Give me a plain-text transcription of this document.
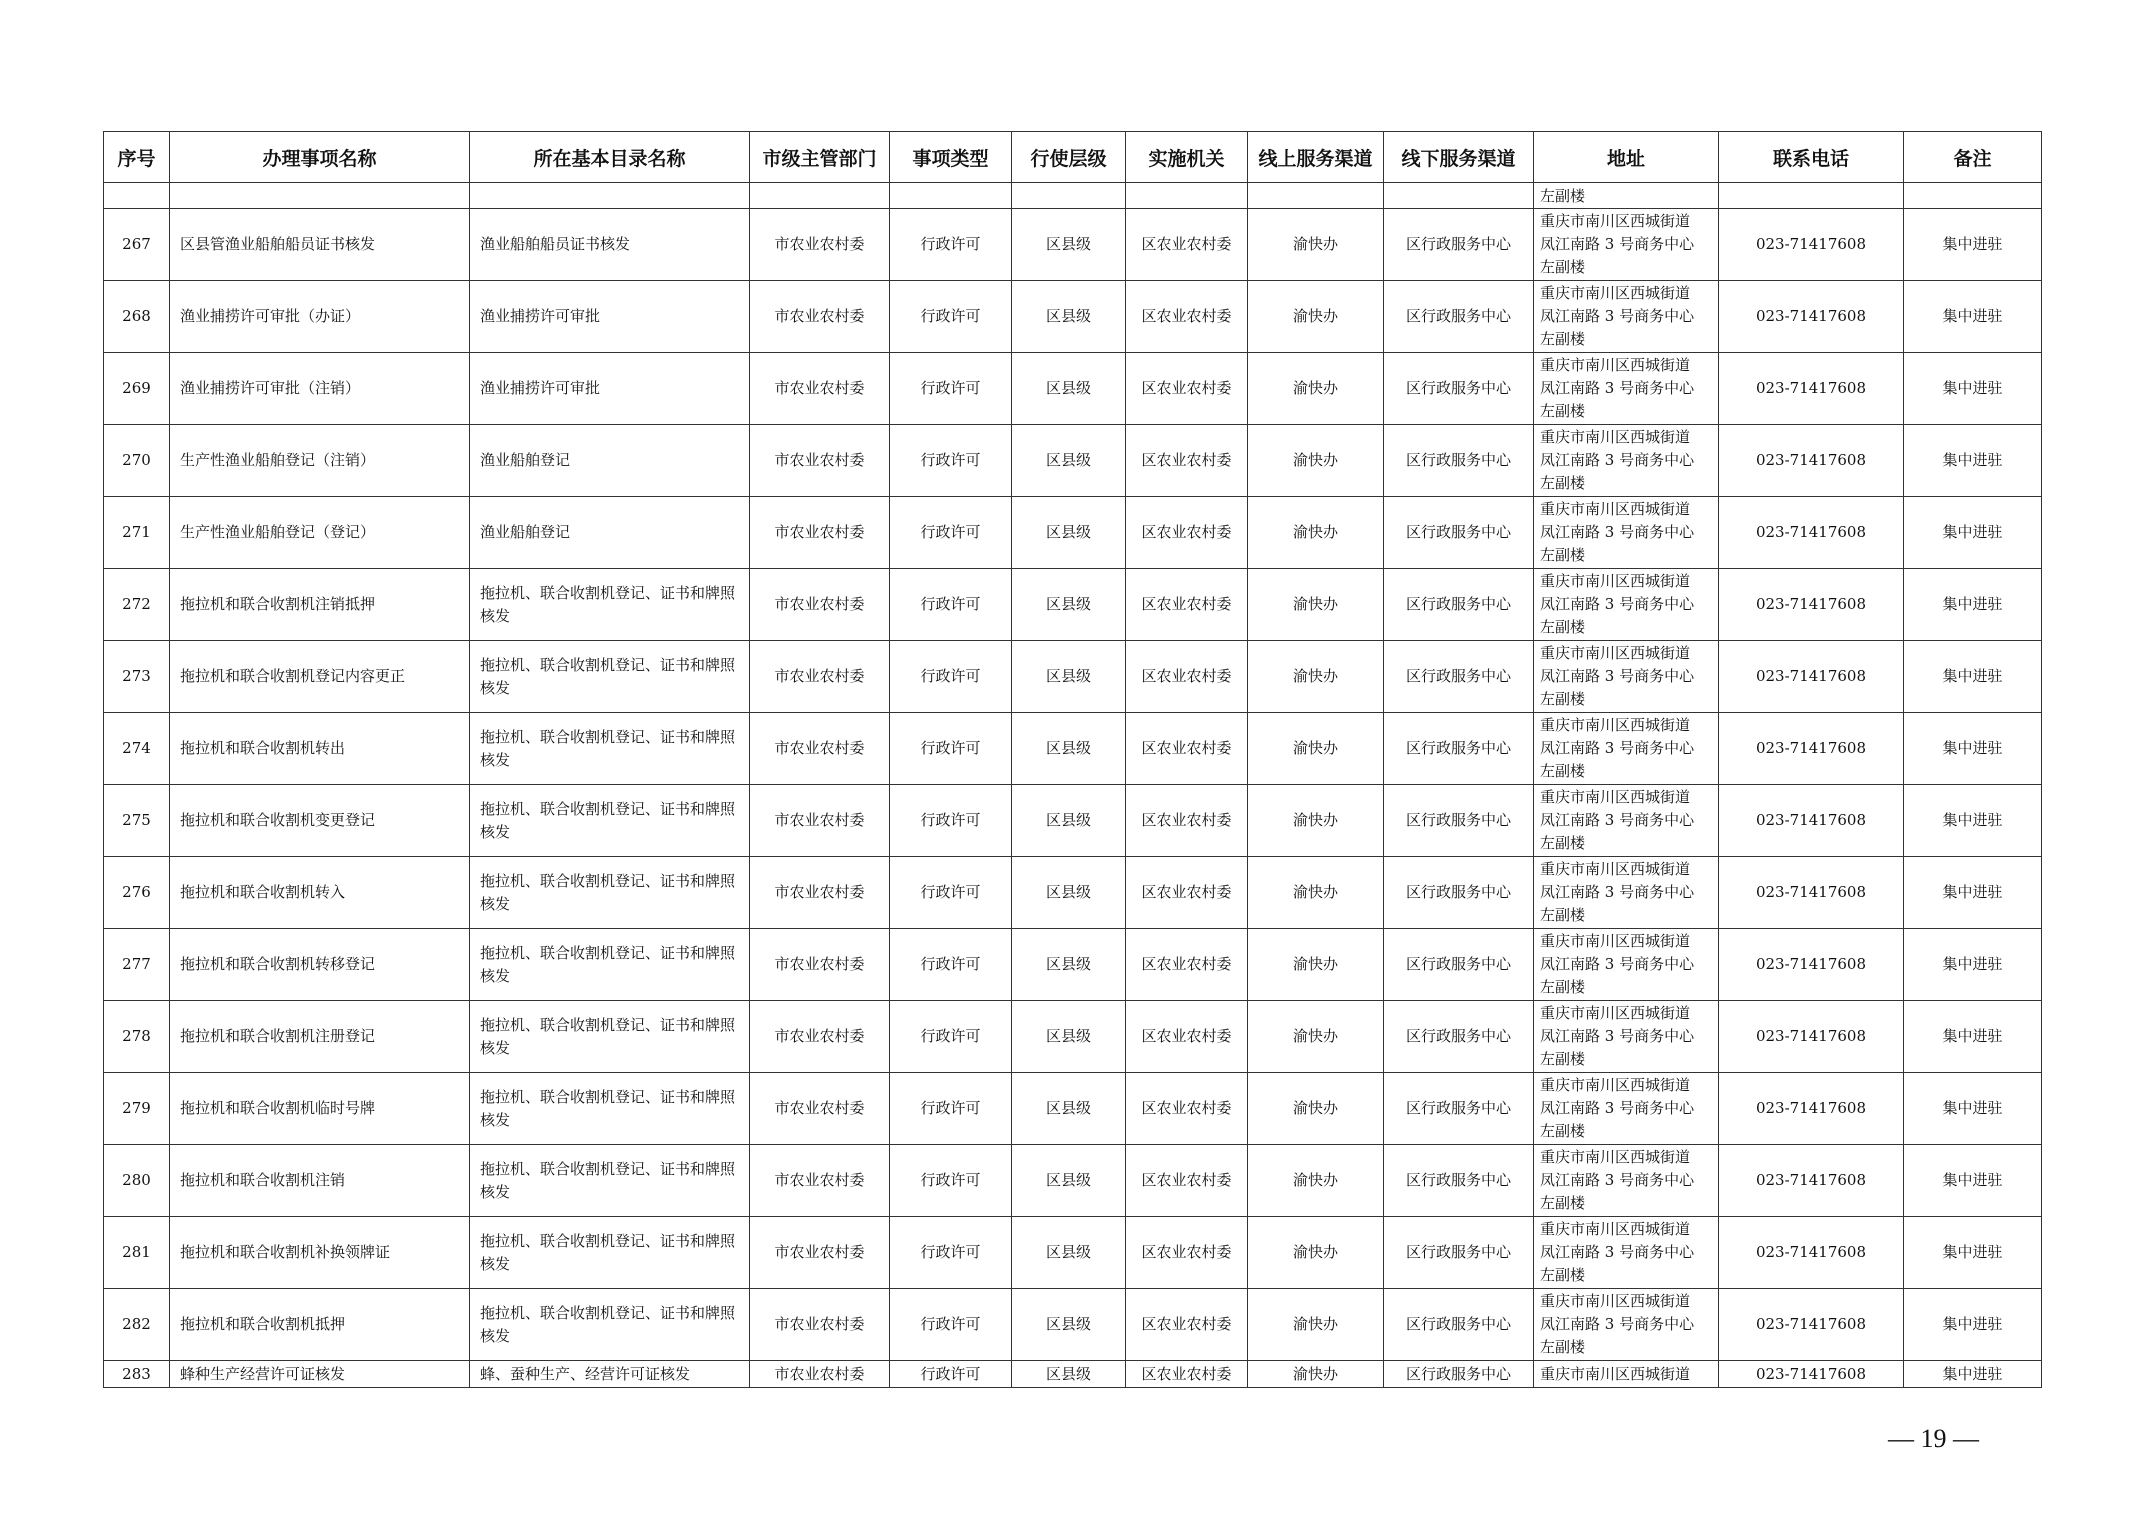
序号	办理事项名称	所在基本目录名称	市级主管部门	事项类型	行使层级	实施机关	线上服务渠道	线下服务渠道	地址	联系电话	备注
									左副楼		
267	区县管渔业船舶船员证书核发	渔业船舶船员证书核发	市农业农村委	行政许可	区县级	区农业农村委	渝快办	区行政服务中心	重庆市南川区西城街道
凤江南路 3 号商务中心
左副楼	023-71417608	集中进驻
268	渔业捕捞许可审批（办证）	渔业捕捞许可审批	市农业农村委	行政许可	区县级	区农业农村委	渝快办	区行政服务中心	重庆市南川区西城街道
凤江南路 3 号商务中心
左副楼	023-71417608	集中进驻
269	渔业捕捞许可审批（注销）	渔业捕捞许可审批	市农业农村委	行政许可	区县级	区农业农村委	渝快办	区行政服务中心	重庆市南川区西城街道
凤江南路 3 号商务中心
左副楼	023-71417608	集中进驻
270	生产性渔业船舶登记（注销）	渔业船舶登记	市农业农村委	行政许可	区县级	区农业农村委	渝快办	区行政服务中心	重庆市南川区西城街道
凤江南路 3 号商务中心
左副楼	023-71417608	集中进驻
271	生产性渔业船舶登记（登记）	渔业船舶登记	市农业农村委	行政许可	区县级	区农业农村委	渝快办	区行政服务中心	重庆市南川区西城街道
凤江南路 3 号商务中心
左副楼	023-71417608	集中进驻
272	拖拉机和联合收割机注销抵押	拖拉机、联合收割机登记、证书和牌照核发	市农业农村委	行政许可	区县级	区农业农村委	渝快办	区行政服务中心	重庆市南川区西城街道
凤江南路 3 号商务中心
左副楼	023-71417608	集中进驻
273	拖拉机和联合收割机登记内容更正	拖拉机、联合收割机登记、证书和牌照核发	市农业农村委	行政许可	区县级	区农业农村委	渝快办	区行政服务中心	重庆市南川区西城街道
凤江南路 3 号商务中心
左副楼	023-71417608	集中进驻
274	拖拉机和联合收割机转出	拖拉机、联合收割机登记、证书和牌照核发	市农业农村委	行政许可	区县级	区农业农村委	渝快办	区行政服务中心	重庆市南川区西城街道
凤江南路 3 号商务中心
左副楼	023-71417608	集中进驻
275	拖拉机和联合收割机变更登记	拖拉机、联合收割机登记、证书和牌照核发	市农业农村委	行政许可	区县级	区农业农村委	渝快办	区行政服务中心	重庆市南川区西城街道
凤江南路 3 号商务中心
左副楼	023-71417608	集中进驻
276	拖拉机和联合收割机转入	拖拉机、联合收割机登记、证书和牌照核发	市农业农村委	行政许可	区县级	区农业农村委	渝快办	区行政服务中心	重庆市南川区西城街道
凤江南路 3 号商务中心
左副楼	023-71417608	集中进驻
277	拖拉机和联合收割机转移登记	拖拉机、联合收割机登记、证书和牌照核发	市农业农村委	行政许可	区县级	区农业农村委	渝快办	区行政服务中心	重庆市南川区西城街道
凤江南路 3 号商务中心
左副楼	023-71417608	集中进驻
278	拖拉机和联合收割机注册登记	拖拉机、联合收割机登记、证书和牌照核发	市农业农村委	行政许可	区县级	区农业农村委	渝快办	区行政服务中心	重庆市南川区西城街道
凤江南路 3 号商务中心
左副楼	023-71417608	集中进驻
279	拖拉机和联合收割机临时号牌	拖拉机、联合收割机登记、证书和牌照核发	市农业农村委	行政许可	区县级	区农业农村委	渝快办	区行政服务中心	重庆市南川区西城街道
凤江南路 3 号商务中心
左副楼	023-71417608	集中进驻
280	拖拉机和联合收割机注销	拖拉机、联合收割机登记、证书和牌照核发	市农业农村委	行政许可	区县级	区农业农村委	渝快办	区行政服务中心	重庆市南川区西城街道
凤江南路 3 号商务中心
左副楼	023-71417608	集中进驻
281	拖拉机和联合收割机补换领牌证	拖拉机、联合收割机登记、证书和牌照核发	市农业农村委	行政许可	区县级	区农业农村委	渝快办	区行政服务中心	重庆市南川区西城街道
凤江南路 3 号商务中心
左副楼	023-71417608	集中进驻
282	拖拉机和联合收割机抵押	拖拉机、联合收割机登记、证书和牌照核发	市农业农村委	行政许可	区县级	区农业农村委	渝快办	区行政服务中心	重庆市南川区西城街道
凤江南路 3 号商务中心
左副楼	023-71417608	集中进驻
283	蜂种生产经营许可证核发	蜂、蚕种生产、经营许可证核发	市农业农村委	行政许可	区县级	区农业农村委	渝快办	区行政服务中心	重庆市南川区西城街道	023-71417608	集中进驻
— 19 —
